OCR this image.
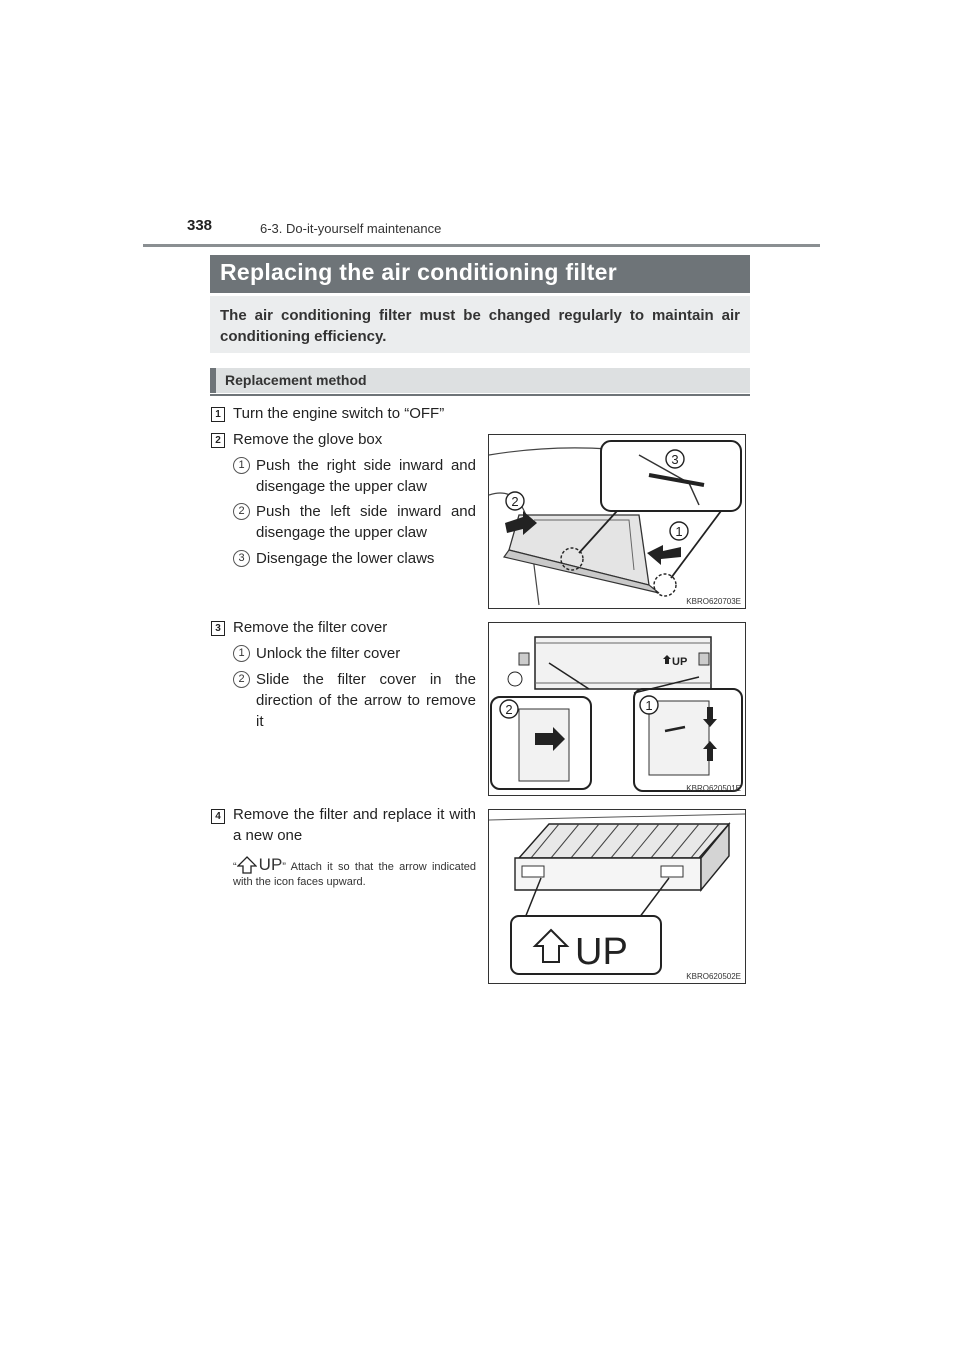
338	6-3. Do-it-yourself maintenance
Replacing the air conditioning filter
The air conditioning filter must be changed regularly to maintain air conditioning efficiency.
Replacement method
1 Turn the engine switch to “OFF”
2 Remove the glove box
1 Push the right side inward and disengage the upper claw
2 Push the left side inward and disengage the upper claw
3 Disengage the lower claws
3
2
1
KBRO620703E
3 Remove the filter cover
1 Unlock the filter cover
2 Slide the filter cover in the direction of the arrow to remove it
UP
2	1
KBRO620501E
4 Remove the filter and replace it with a new one
“ UP” Attach it so that the arrow indicated with the icon faces upward.
UP
KBRO620502E
